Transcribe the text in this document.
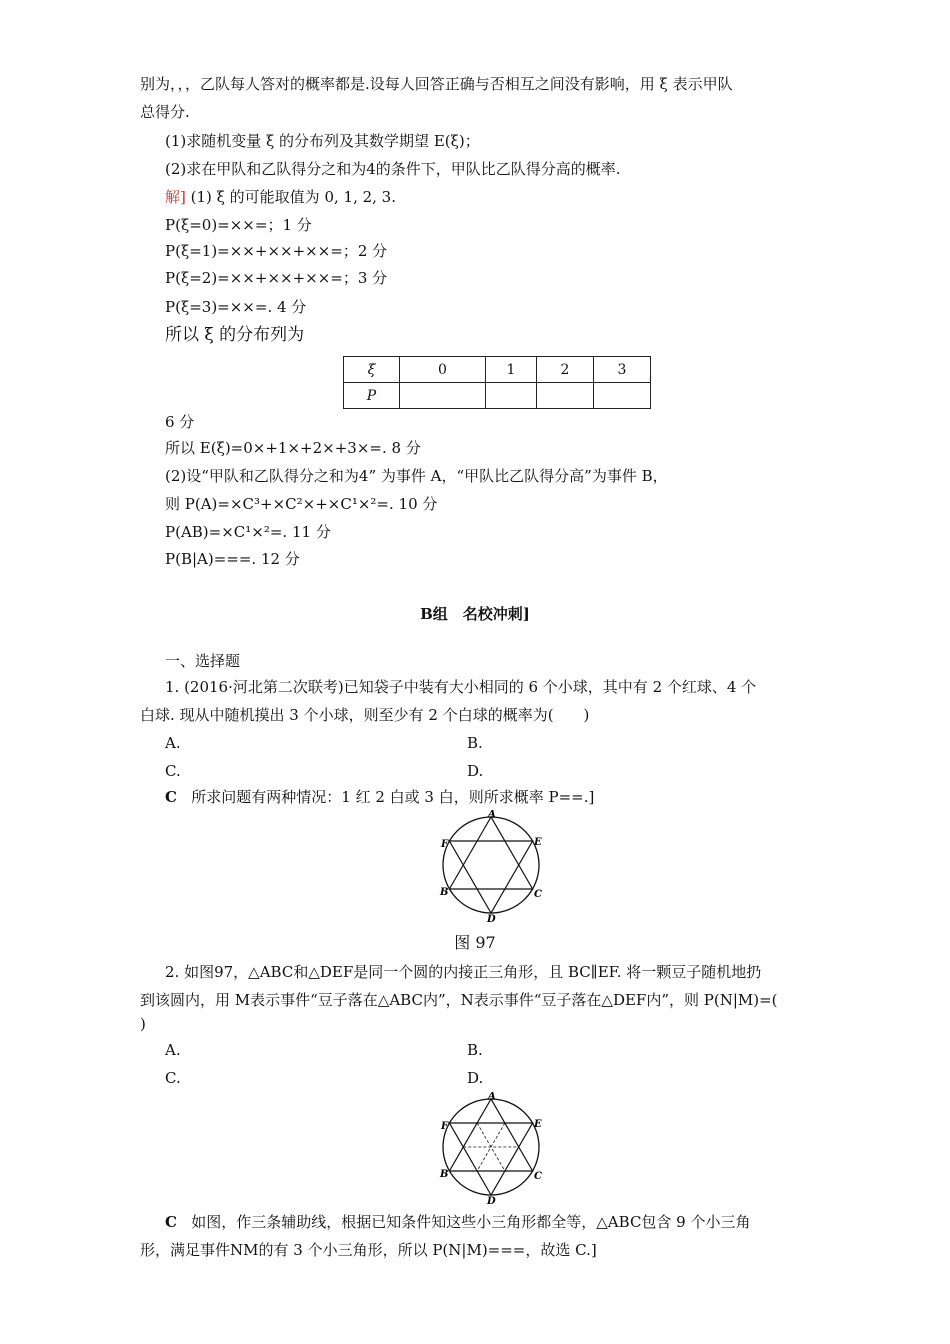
别为，，，乙队每人答对的概率都是.设每人回答正确与否相互之间没有影响，用 ξ 表示甲队
总得分.
(1)求随机变量 ξ 的分布列及其数学期望 E(ξ)；
(2)求在甲队和乙队得分之和为4的条件下，甲队比乙队得分高的概率.
解] (1) ξ 的可能取值为 0, 1, 2, 3.
P(ξ=0)=××=；1 分
P(ξ=1)=××+××+××=；2 分
P(ξ=2)=××+××+××=；3 分
P(ξ=3)=××=. 4 分
所以 ξ 的分布列为
ξ	0	1	2	3
P				
6 分
所以 E(ξ)=0×+1×+2×+3×=. 8 分
(2)设“甲队和乙队得分之和为4” 为事件 A，“甲队比乙队得分高”为事件 B，
则 P(A)=×C³+×C²×+×C¹×²=. 10 分
P(AB)=×C¹×²=. 11 分
P(B|A)===. 12 分
B组　名校冲刺]
一、选择题
1. (2016·河北第二次联考)已知袋子中装有大小相同的 6 个小球，其中有 2 个红球、4 个
白球. 现从中随机摸出 3 个小球，则至少有 2 个白球的概率为(　　)
A.	B.
C.	D.
C 所求问题有两种情况：1 红 2 白或 3 白，则所求概率 P==.]
A
B	C
D
E
F
图 97
2. 如图97，△ABC和△DEF是同一个圆的内接正三角形，且 BC∥EF. 将一颗豆子随机地扔
到该圆内，用 M表示事件“豆子落在△ABC内”，N表示事件“豆子落在△DEF内”，则 P(N|M)=(
)
A.	B.
C.	D.
A
B	C
D
E
F
C 如图，作三条辅助线，根据已知条件知这些小三角形都全等，△ABC包含 9 个小三角
形，满足事件NM的有 3 个小三角形，所以 P(N|M)===，故选 C.]
